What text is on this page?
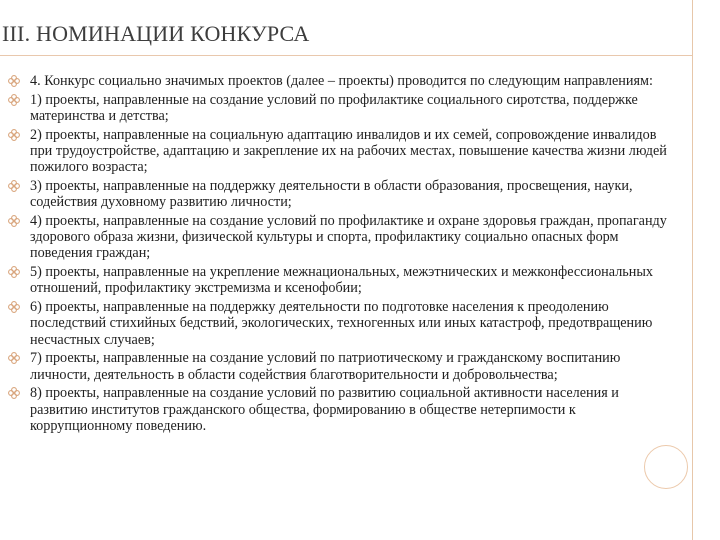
III. НОМИНАЦИИ КОНКУРСА
4. Конкурс социально значимых проектов (далее – проекты) проводится по следующим направлениям:
1) проекты, направленные на создание условий по профилактике социального сиротства, поддержке материнства и детства;
2) проекты, направленные на социальную адаптацию инвалидов и их семей, сопровождение инвалидов при трудоустройстве, адаптацию и закрепление их на рабочих местах, повышение качества жизни людей пожилого возраста;
3) проекты, направленные на поддержку деятельности в области образования, просвещения, науки, содействия духовному развитию личности;
4) проекты, направленные на создание условий по профилактике и охране здоровья граждан, пропаганду здорового образа жизни, физической культуры и спорта, профилактику социально опасных форм поведения граждан;
5) проекты, направленные на укрепление межнациональных, межэтнических и межконфессиональных отношений, профилактику экстремизма и ксенофобии;
6) проекты, направленные на поддержку деятельности по подготовке населения к преодолению последствий стихийных бедствий, экологических, техногенных или иных катастроф, предотвращению несчастных случаев;
7) проекты, направленные на создание условий по патриотическому и гражданскому воспитанию личности, деятельность в области содействия благотворительности и добровольчества;
8) проекты, направленные на создание условий по развитию социальной активности населения и развитию институтов гражданского общества, формированию в обществе нетерпимости к коррупционному поведению.
